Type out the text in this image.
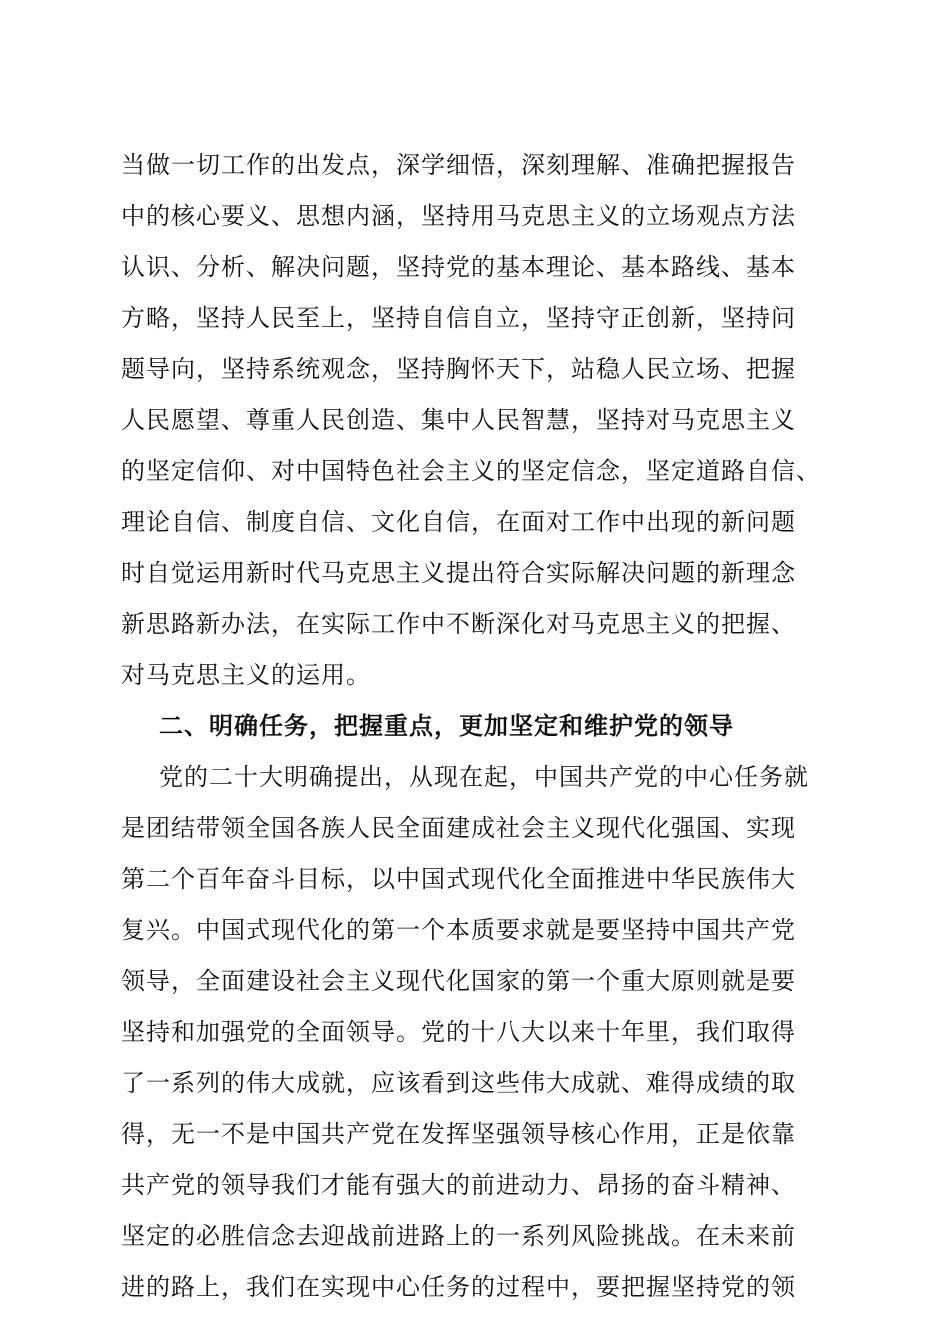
当做一切工作的出发点，深学细悟，深刻理解、准确把握报告
中的核心要义、思想内涵，坚持用马克思主义的立场观点方法
认识、分析、解决问题，坚持党的基本理论、基本路线、基本
方略，坚持人民至上，坚持自信自立，坚持守正创新，坚持问
题导向，坚持系统观念，坚持胸怀天下，站稳人民立场、把握
人民愿望、尊重人民创造、集中人民智慧，坚持对马克思主义
的坚定信仰、对中国特色社会主义的坚定信念，坚定道路自信、
理论自信、制度自信、文化自信，在面对工作中出现的新问题
时自觉运用新时代马克思主义提出符合实际解决问题的新理念
新思路新办法，在实际工作中不断深化对马克思主义的把握、
对马克思主义的运用。
二、明确任务，把握重点，更加坚定和维护党的领导
党的二十大明确提出，从现在起，中国共产党的中心任务就
是团结带领全国各族人民全面建成社会主义现代化强国、实现
第二个百年奋斗目标，以中国式现代化全面推进中华民族伟大
复兴。中国式现代化的第一个本质要求就是要坚持中国共产党
领导，全面建设社会主义现代化国家的第一个重大原则就是要
坚持和加强党的全面领导。党的十八大以来十年里，我们取得
了一系列的伟大成就，应该看到这些伟大成就、难得成绩的取
得，无一不是中国共产党在发挥坚强领导核心作用，正是依靠
共产党的领导我们才能有强大的前进动力、昂扬的奋斗精神、
坚定的必胜信念去迎战前进路上的一系列风险挑战。在未来前
进的路上，我们在实现中心任务的过程中，要把握坚持党的领
